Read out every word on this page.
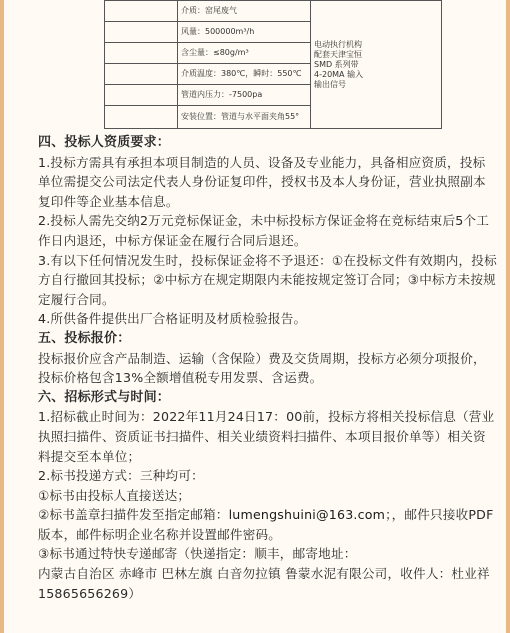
	介质：窑尾废气	电动执行机构配套天津宝恒 SMD 系列带 4-20MA 输入输出信号

	风量：500000m³/h	

	含尘量：≤80g/m³	

	介质温度：380℃，瞬时：550℃	

	管道内压力：-7500pa	

	安装位置：管道与水平面夹角55°	

四、投标人资质要求：

1.投标方需具有承担本项目制造的人员、设备及专业能力，具备相应资质，投标单位需提交公司法定代表人身份证复印件，授权书及本人身份证，营业执照副本复印件等企业基本信息。

2.投标人需先交纳2万元竞标保证金，未中标投标方保证金将在竞标结束后5个工作日内退还，中标方保证金在履行合同后退还。

3.有以下任何情况发生时，投标保证金将不予退还：①在投标文件有效期内，投标方自行撤回其投标；②中标方在规定期限内未能按规定签订合同；③中标方未按规定履行合同。

4.所供备件提供出厂合格证明及材质检验报告。

五、投标报价：

投标报价应含产品制造、运输（含保险）费及交货周期，投标方必须分项报价，投标价格包含13%全额增值税专用发票、含运费。

六、招标形式与时间：

1.招标截止时间为：2022年11月24日17：00前，投标方将相关投标信息（营业执照扫描件、资质证书扫描件、相关业绩资料扫描件、本项目报价单等）相关资料提交至本单位；

2.标书投递方式：三种均可：

①标书由投标人直接送达；

②标书盖章扫描件发至指定邮箱：lumengshuini@163.com；，邮件只接收PDF版本，邮件标明企业名称并设置邮件密码。

③标书通过特快专递邮寄（快递指定：顺丰，邮寄地址：

内蒙古自治区 赤峰市 巴林左旗 白音勿拉镇 鲁蒙水泥有限公司，收件人：杜业祥15865656269）
